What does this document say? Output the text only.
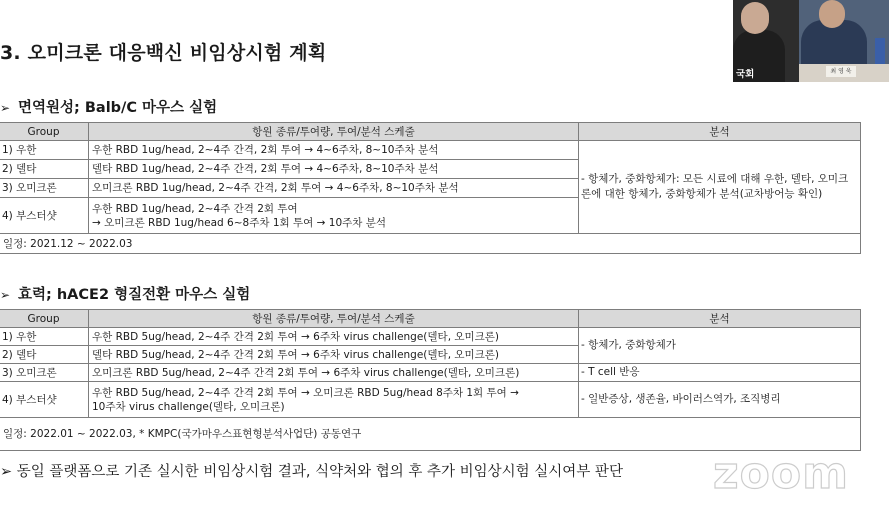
3. 오미크론 대응백신 비임상시험 계획
➢ 면역원성; Balb/C 마우스 실험
Group	항원 종류/투여량, 투여/분석 스케줄	분석
1) 우한	우한 RBD 1ug/head, 2~4주 간격, 2회 투여 → 4~6주차, 8~10주차 분석	- 항체가, 중화항체가: 모든 시료에 대해 우한, 델타, 오미크론에 대한 항체가, 중화항체가 분석(교차방어능 확인)
2) 델타	델타 RBD 1ug/head, 2~4주 간격, 2회 투여 → 4~6주차, 8~10주차 분석	
3) 오미크론	오미크론 RBD 1ug/head, 2~4주 간격, 2회 투여 → 4~6주차, 8~10주차 분석	
4) 부스터샷	우한 RBD 1ug/head, 2~4주 간격 2회 투여
→ 오미크론 RBD 1ug/head 6~8주차 1회 투여 → 10주차 분석	

일정: 2021.12 ~ 2022.03		
➢ 효력; hACE2 형질전환 마우스 실험
Group	항원 종류/투여량, 투여/분석 스케줄	분석
1) 우한	우한 RBD 5ug/head, 2~4주 간격 2회 투여 → 6주차 virus challenge(델타, 오미크론)	- 항체가, 중화항체가
2) 델타	델타 RBD 5ug/head, 2~4주 간격 2회 투여 → 6주차 virus challenge(델타, 오미크론)	
3) 오미크론	오미크론 RBD 5ug/head, 2~4주 간격 2회 투여 → 6주차 virus challenge(델타, 오미크론)	- T cell 반응
4) 부스터샷	우한 RBD 5ug/head, 2~4주 간격 2회 투여 → 오미크론 RBD 5ug/head 8주차 1회 투여 →
10주차 virus challenge(델타, 오미크론)	- 일반증상, 생존율, 바이러스역가, 조직병리
일정: 2022.01 ~ 2022.03, * KMPC(국가마우스표현형분석사업단) 공동연구		
➢ 동일 플랫폼으로 기존 실시한 비임상시험 결과, 식약처와 협의 후 추가 비임상시험 실시여부 판단
최 영 욱
국회
zoom
